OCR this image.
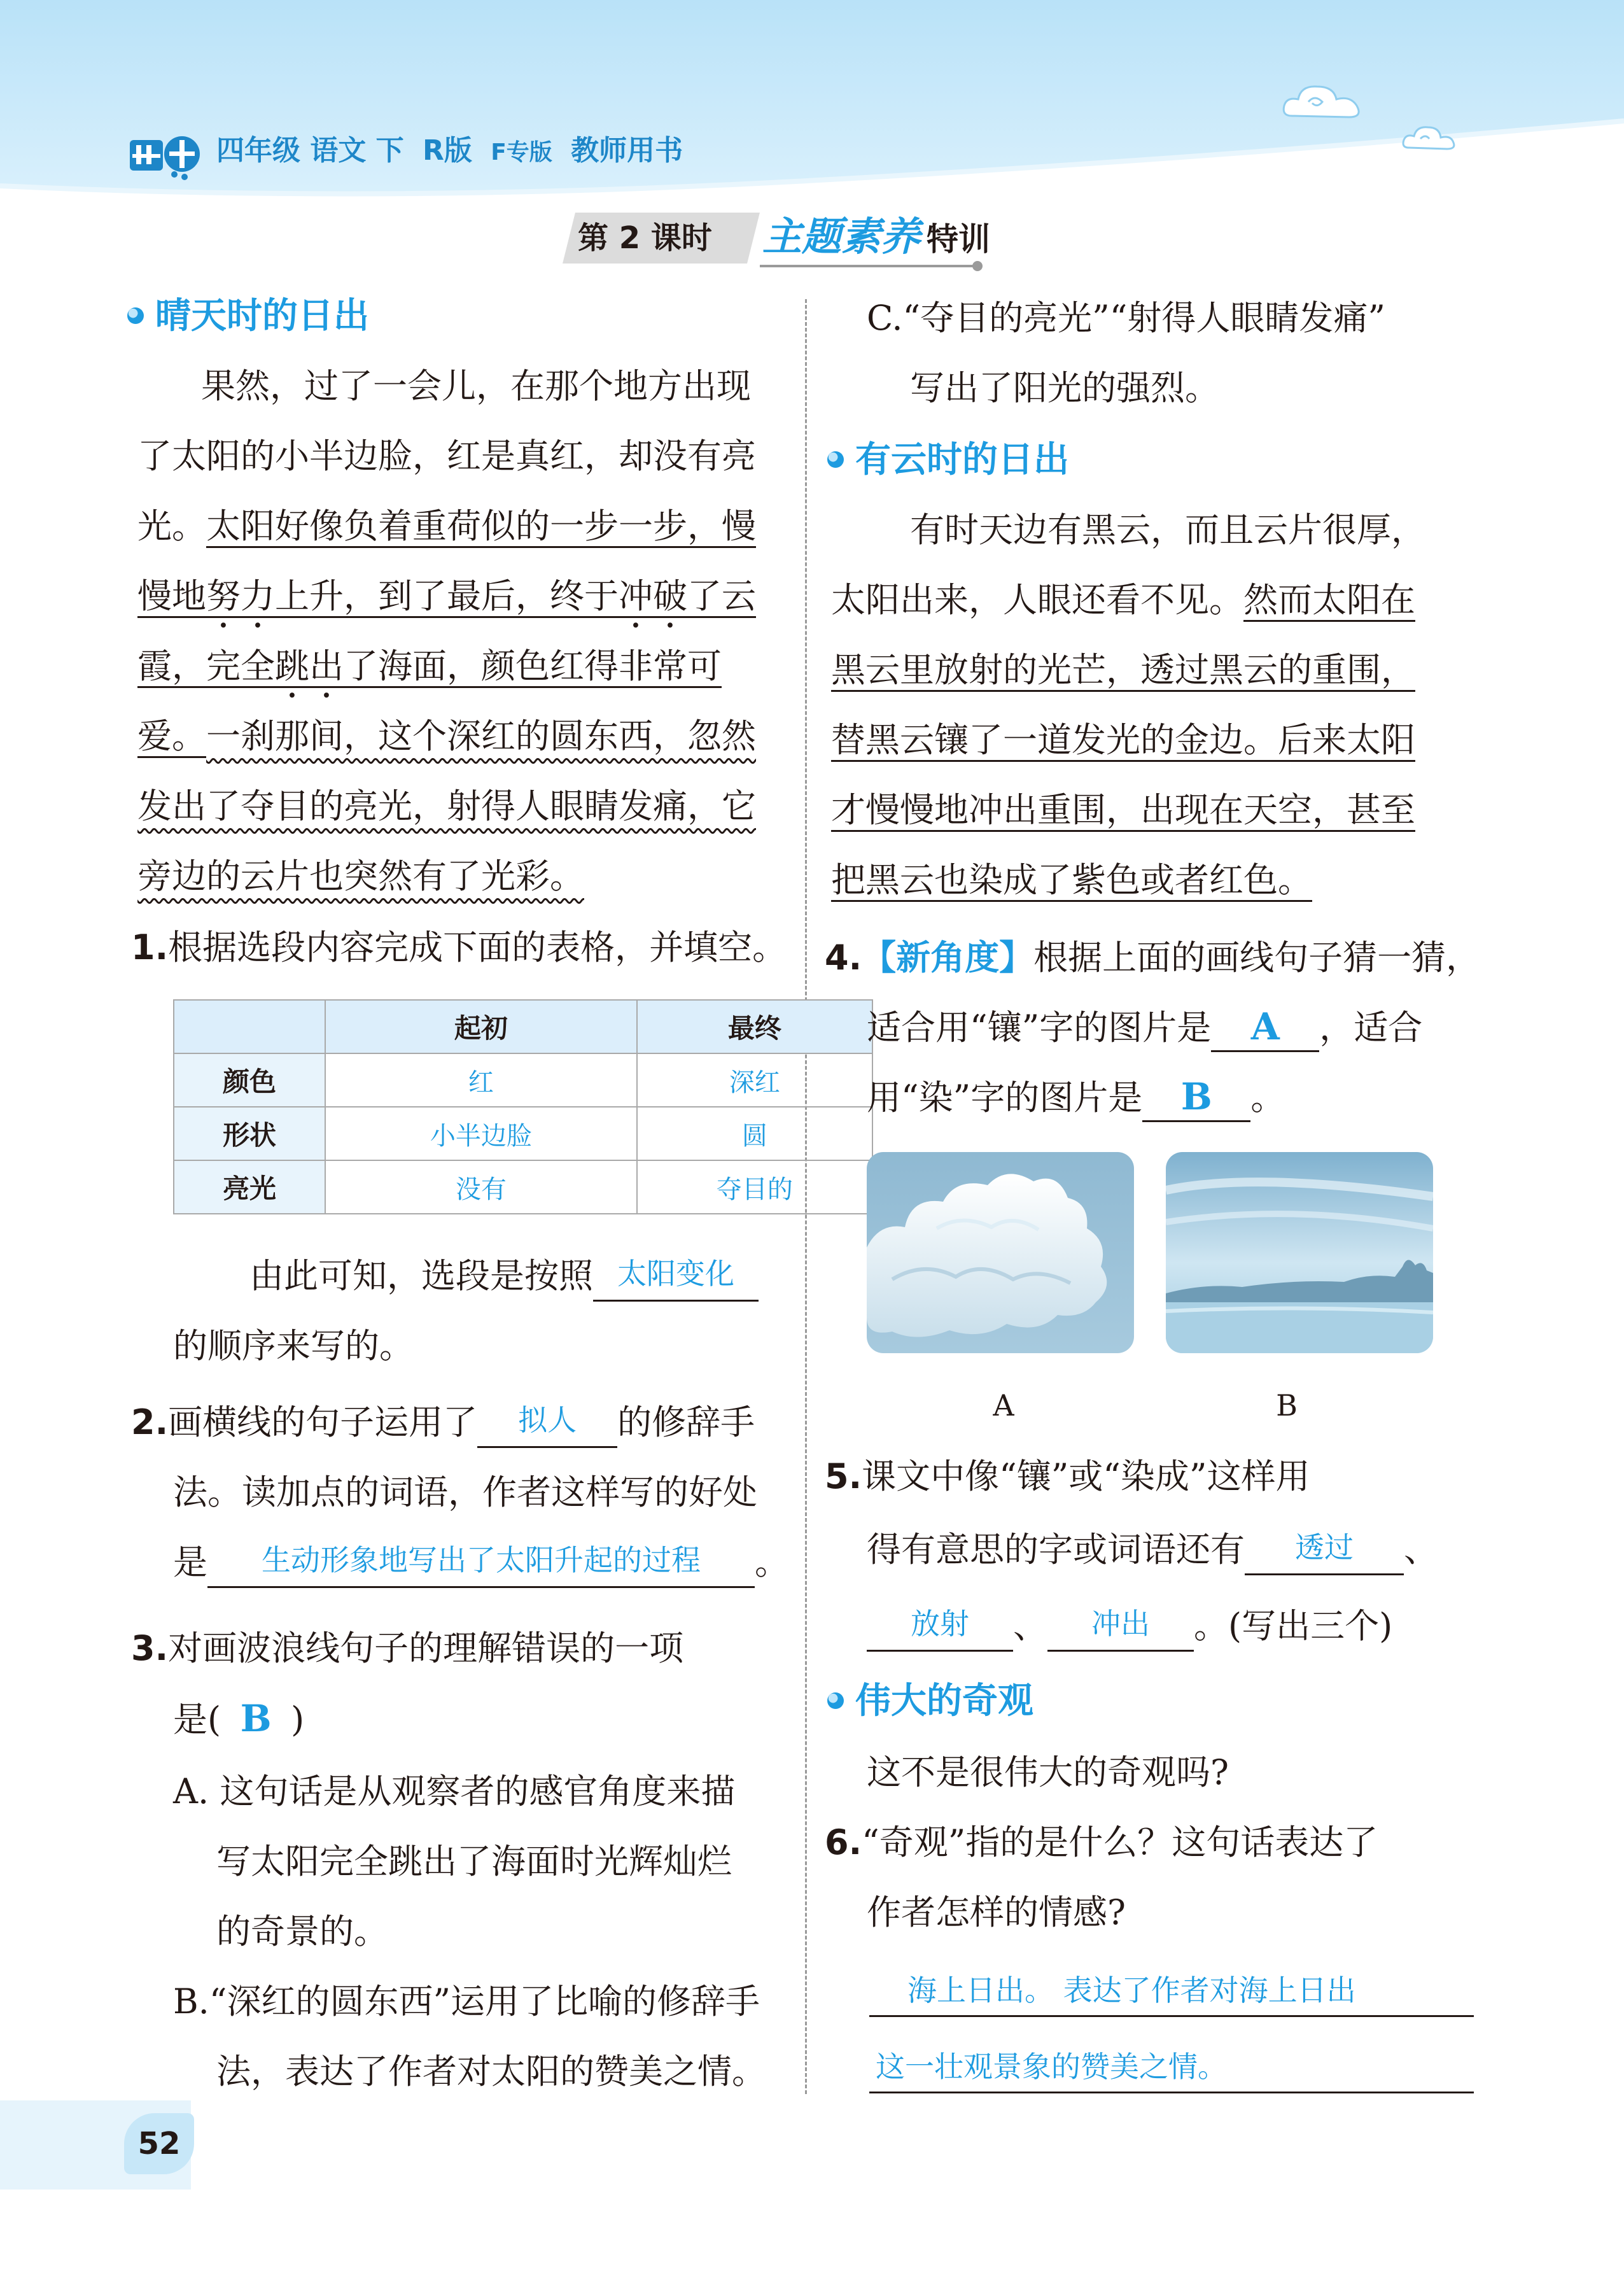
四年级 语文 下 R版 F专版 教师用书
第 2 课时 主题素养 特训
晴天时的日出
果然，过了一会儿，在那个地方出现
了太阳的小半边脸，红是真红，却没有亮
光。太阳好像负着重荷似的一步一步，慢
慢地努力上升，到了最后，终于冲破了云
霞，完全跳出了海面，颜色红得非常可
爱。一刹那间，这个深红的圆东西，忽然
发出了夺目的亮光，射得人眼睛发痛，它
旁边的云片也突然有了光彩。
1.根据选段内容完成下面的表格，并填空。
	起初	最终
颜色	红	深红
形状	小半边脸	圆
亮光	没有	夺目的
由此可知，选段是按照 太阳变化
的顺序来写的。
2.画横线的句子运用了 拟人 的修辞手
法。读加点的词语，作者这样写的好处
是 生动形象地写出了太阳升起的过程 。
3.对画波浪线句子的理解错误的一项
是( B )
A. 这句话是从观察者的感官角度来描
写太阳完全跳出了海面时光辉灿烂
的奇景的。
B.“深红的圆东西”运用了比喻的修辞手
法，表达了作者对太阳的赞美之情。
C.“夺目的亮光”“射得人眼睛发痛”
写出了阳光的强烈。
有云时的日出
有时天边有黑云，而且云片很厚，
太阳出来，人眼还看不见。然而太阳在
黑云里放射的光芒，透过黑云的重围，
替黑云镶了一道发光的金边。后来太阳
才慢慢地冲出重围，出现在天空，甚至
把黑云也染成了紫色或者红色。
4.【新角度】根据上面的画线句子猜一猜，
适合用“镶”字的图片是 A ，适合
用“染”字的图片是 B 。
A	B
5.课文中像“镶”或“染成”这样用
得有意思的字或词语还有 透过 、
放射 、 冲出 。(写出三个)
伟大的奇观
这不是很伟大的奇观吗?
6.“奇观”指的是什么？这句话表达了
作者怎样的情感?
海上日出。 表达了作者对海上日出
这一壮观景象的赞美之情。
52
